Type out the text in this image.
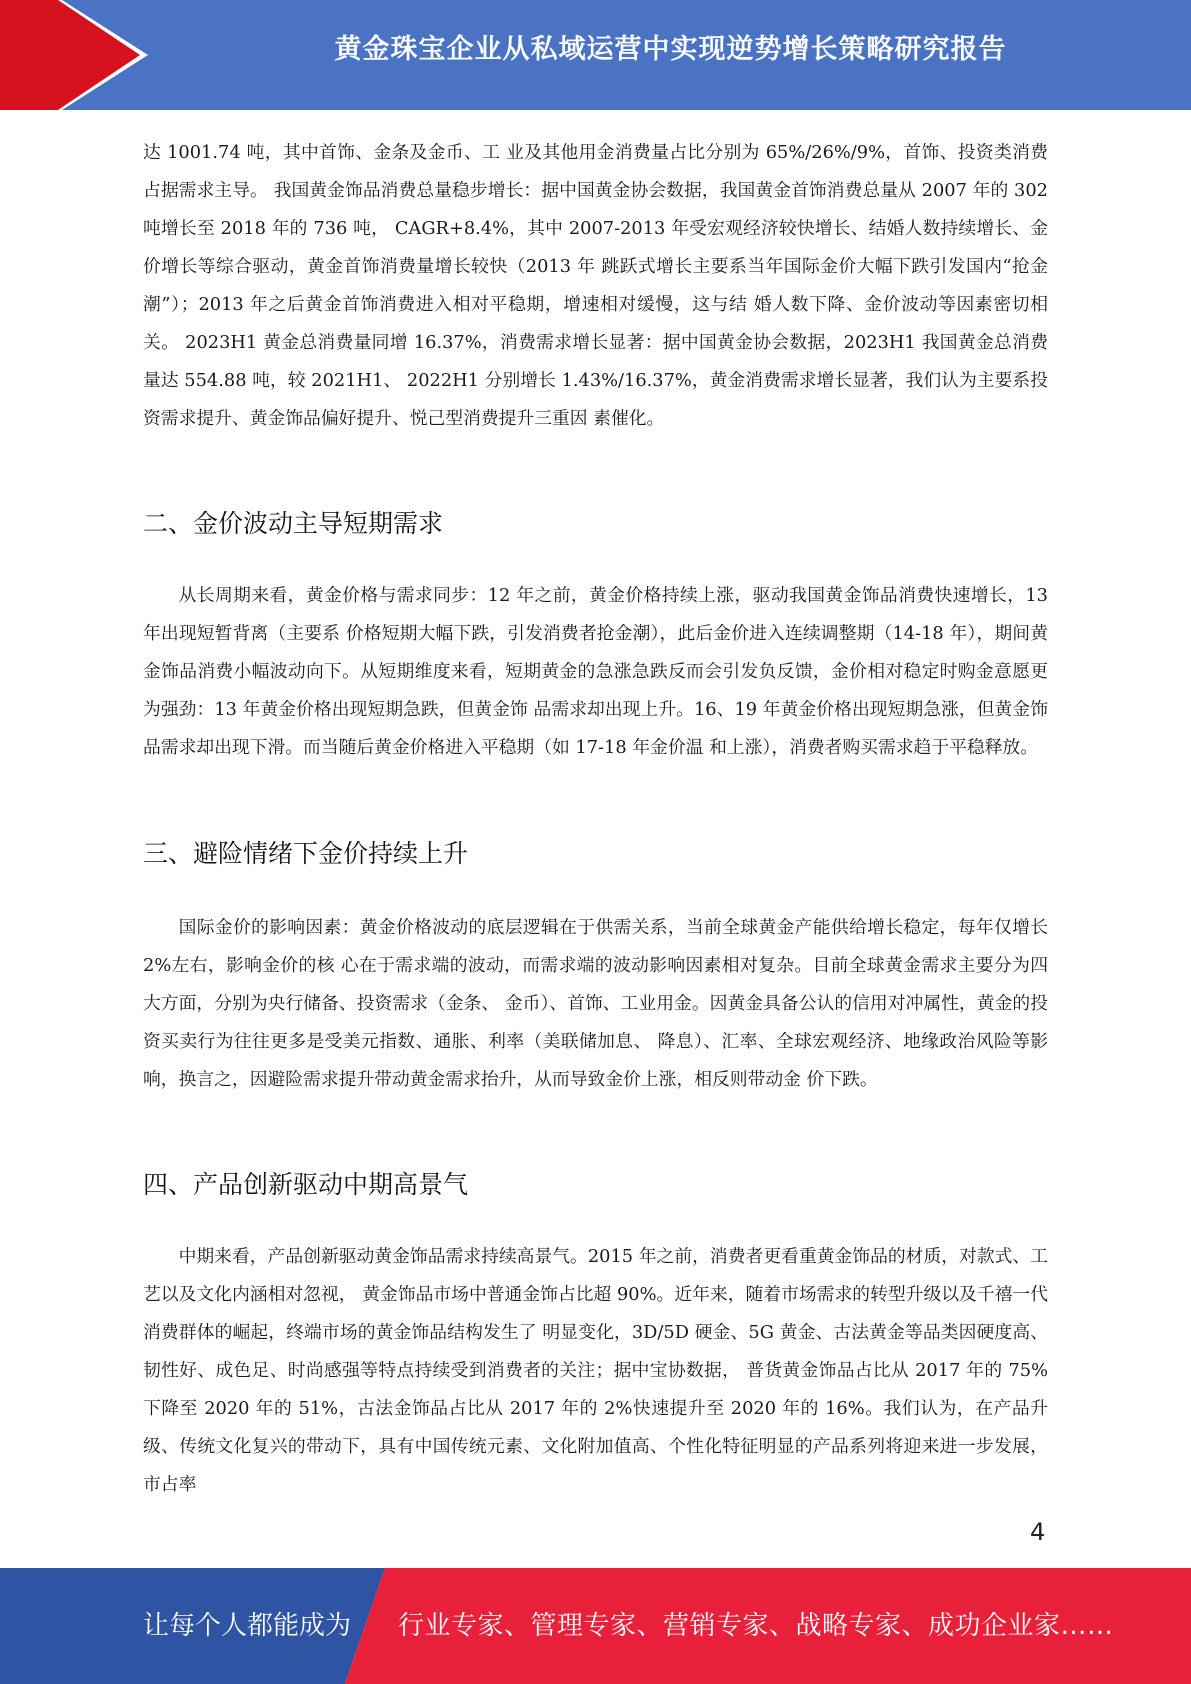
黄金珠宝企业从私域运营中实现逆势增长策略研究报告

达 1001.74 吨，其中首饰、金条及金币、工 业及其他用金消费量占比分别为 65%/26%/9%，首饰、投资类消费占据需求主导。 我国黄金饰品消费总量稳步增长：据中国黄金协会数据，我国黄金首饰消费总量从 2007 年的 302 吨增长至 2018 年的 736 吨， CAGR+8.4%，其中 2007-2013 年受宏观经济较快增长、结婚人数持续增长、金价增长等综合驱动，黄金首饰消费量增长较快（2013 年 跳跃式增长主要系当年国际金价大幅下跌引发国内“抢金潮”）；2013 年之后黄金首饰消费进入相对平稳期，增速相对缓慢，这与结 婚人数下降、金价波动等因素密切相关。 2023H1 黄金总消费量同增 16.37%，消费需求增长显著：据中国黄金协会数据，2023H1 我国黄金总消费量达 554.88 吨，较 2021H1、 2022H1 分别增长 1.43%/16.37%，黄金消费需求增长显著，我们认为主要系投资需求提升、黄金饰品偏好提升、悦己型消费提升三重因 素催化。

二、金价波动主导短期需求

从长周期来看，黄金价格与需求同步：12 年之前，黄金价格持续上涨，驱动我国黄金饰品消费快速增长，13 年出现短暂背离（主要系 价格短期大幅下跌，引发消费者抢金潮），此后金价进入连续调整期（14-18 年），期间黄金饰品消费小幅波动向下。从短期维度来看，短期黄金的急涨急跌反而会引发负反馈，金价相对稳定时购金意愿更为强劲：13 年黄金价格出现短期急跌，但黄金饰 品需求却出现上升。16、19 年黄金价格出现短期急涨，但黄金饰品需求却出现下滑。而当随后黄金价格进入平稳期（如 17-18 年金价温 和上涨），消费者购买需求趋于平稳释放。

三、避险情绪下金价持续上升

国际金价的影响因素：黄金价格波动的底层逻辑在于供需关系，当前全球黄金产能供给增长稳定，每年仅增长 2%左右，影响金价的核 心在于需求端的波动，而需求端的波动影响因素相对复杂。目前全球黄金需求主要分为四大方面，分别为央行储备、投资需求（金条、 金币）、首饰、工业用金。因黄金具备公认的信用对冲属性，黄金的投资买卖行为往往更多是受美元指数、通胀、利率（美联储加息、 降息）、汇率、全球宏观经济、地缘政治风险等影响，换言之，因避险需求提升带动黄金需求抬升，从而导致金价上涨，相反则带动金 价下跌。

四、产品创新驱动中期高景气

中期来看，产品创新驱动黄金饰品需求持续高景气。2015 年之前，消费者更看重黄金饰品的材质，对款式、工艺以及文化内涵相对忽视， 黄金饰品市场中普通金饰占比超 90%。近年来，随着市场需求的转型升级以及千禧一代消费群体的崛起，终端市场的黄金饰品结构发生了 明显变化，3D/5D 硬金、5G 黄金、古法黄金等品类因硬度高、韧性好、成色足、时尚感强等特点持续受到消费者的关注；据中宝协数据， 普货黄金饰品占比从 2017 年的 75%下降至 2020 年的 51%，古法金饰品占比从 2017 年的 2%快速提升至 2020 年的 16%。我们认为，在产品升 级、传统文化复兴的带动下，具有中国传统元素、文化附加值高、个性化特征明显的产品系列将迎来进一步发展，市占率

4
让每个人都能成为 行业专家、管理专家、营销专家、战略专家、成功企业家……
